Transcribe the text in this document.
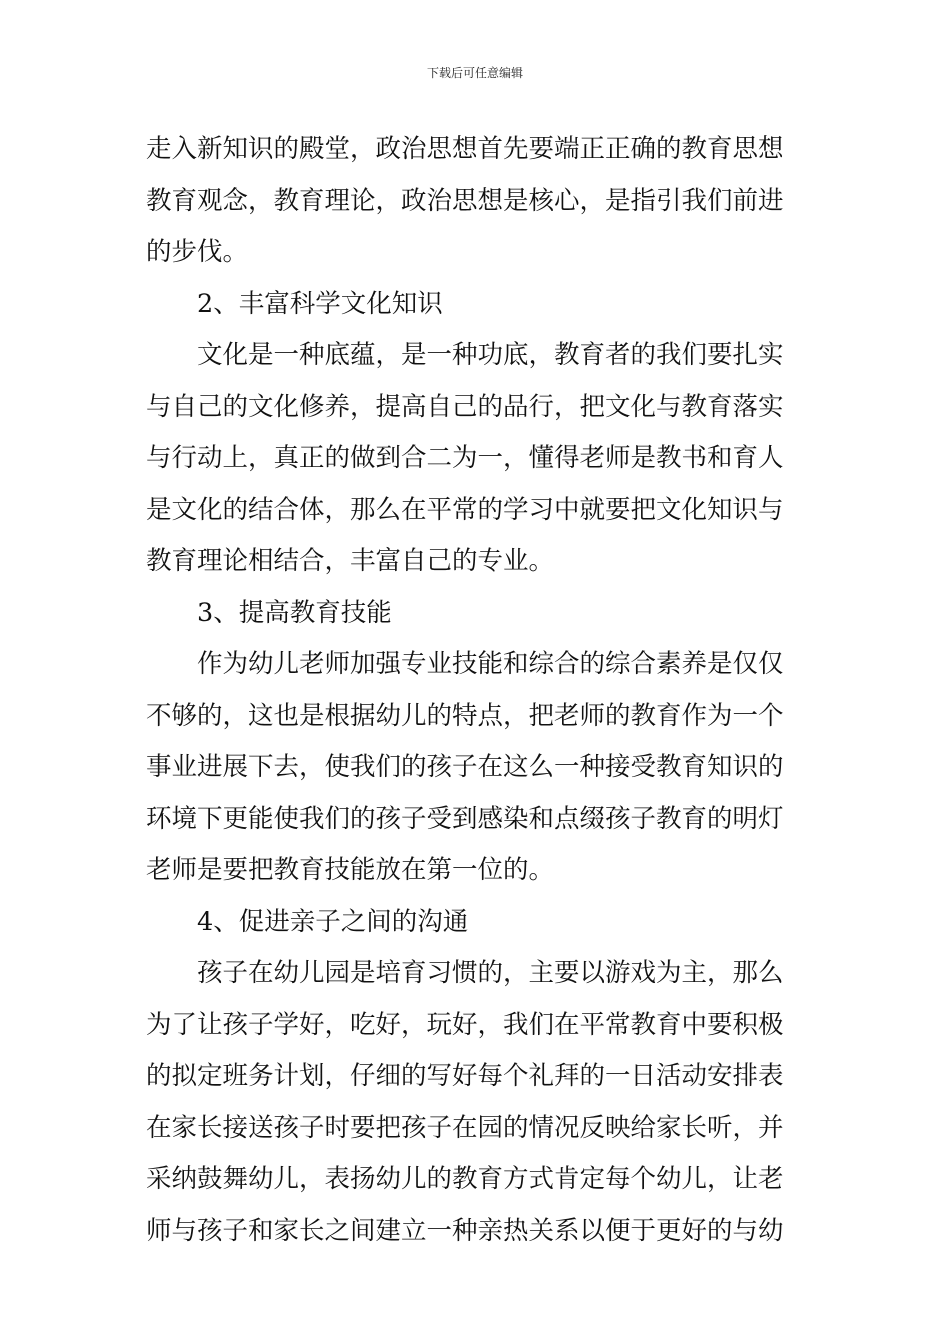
下载后可任意编辑
走入新知识的殿堂，政治思想首先要端正正确的教育思想
教育观念，教育理论，政治思想是核心，是指引我们前进
的步伐。
2、丰富科学文化知识
文化是一种底蕴，是一种功底，教育者的我们要扎实
与自己的文化修养，提高自己的品行，把文化与教育落实
与行动上，真正的做到合二为一，懂得老师是教书和育人
是文化的结合体，那么在平常的学习中就要把文化知识与
教育理论相结合，丰富自己的专业。
3、提高教育技能
作为幼儿老师加强专业技能和综合的综合素养是仅仅
不够的，这也是根据幼儿的特点，把老师的教育作为一个
事业进展下去，使我们的孩子在这么一种接受教育知识的
环境下更能使我们的孩子受到感染和点缀孩子教育的明灯
老师是要把教育技能放在第一位的。
4、促进亲子之间的沟通
孩子在幼儿园是培育习惯的，主要以游戏为主，那么
为了让孩子学好，吃好，玩好，我们在平常教育中要积极
的拟定班务计划，仔细的写好每个礼拜的一日活动安排表
在家长接送孩子时要把孩子在园的情况反映给家长听，并
采纳鼓舞幼儿，表扬幼儿的教育方式肯定每个幼儿，让老
师与孩子和家长之间建立一种亲热关系以便于更好的与幼
